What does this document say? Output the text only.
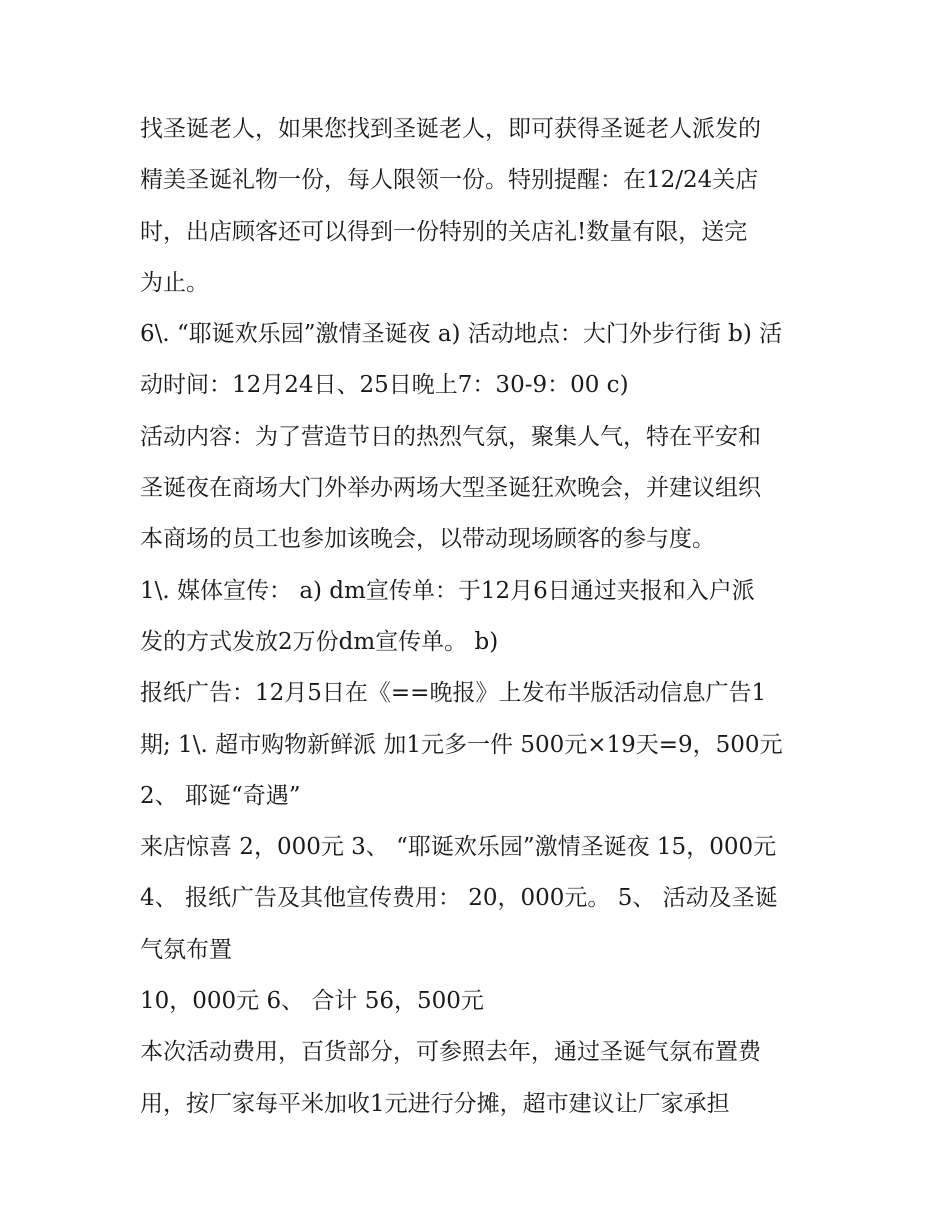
找圣诞老人，如果您找到圣诞老人，即可获得圣诞老人派发的
精美圣诞礼物一份，每人限领一份。特别提醒：在12/24关店
时，出店顾客还可以得到一份特别的关店礼!数量有限，送完
为止。
6\. “耶诞欢乐园”激情圣诞夜 a) 活动地点：大门外步行街 b) 活
动时间：12月24日、25日晚上7：30-9：00 c)
活动内容：为了营造节日的热烈气氛，聚集人气，特在平安和
圣诞夜在商场大门外举办两场大型圣诞狂欢晚会，并建议组织
本商场的员工也参加该晚会，以带动现场顾客的参与度。
1\. 媒体宣传： a) dm宣传单：于12月6日通过夹报和入户派
发的方式发放2万份dm宣传单。 b)
报纸广告：12月5日在《==晚报》上发布半版活动信息广告1
期; 1\. 超市购物新鲜派 加1元多一件 500元×19天=9，500元
2、 耶诞“奇遇”
来店惊喜 2，000元 3、 “耶诞欢乐园”激情圣诞夜 15，000元
4、 报纸广告及其他宣传费用： 20，000元。 5、 活动及圣诞
气氛布置
10，000元 6、 合计 56，500元
本次活动费用，百货部分，可参照去年，通过圣诞气氛布置费
用，按厂家每平米加收1元进行分摊，超市建议让厂家承担
